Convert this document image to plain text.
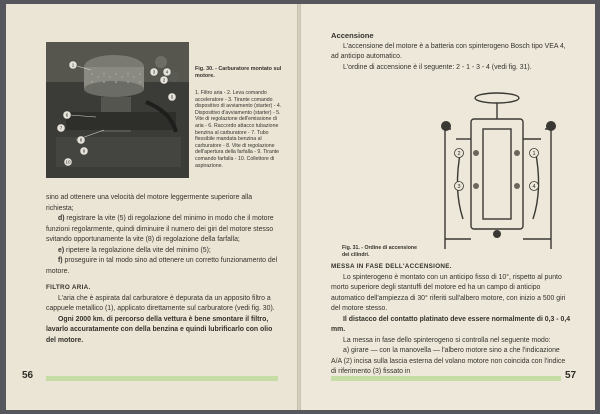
1
2
3 4
5
6
7
8
9
10
Fig. 30. - Carburatore montato sul motore.
1. Filtro aria - 2. Leva comando acceleratore - 3. Tirante comando dispositivo di avviamento (starter) - 4. Dispositivo d'avviamento (starter) - 5. Vite di regolazione dell'emissione di aria - 6. Raccordo attacco tubazione benzina al carburatore - 7. Tubo flessibile mandata benzina al carburatore - 8. Vite di regolazione dell'apertura della farfalla - 9. Tirante comando farfalla - 10. Collettore di aspirazione.

sino ad ottenere una velocità del motore leggermente superiore alla richiesta;

d) registrare la vite (5) di regolazione del minimo in modo che il motore funzioni regolarmente, quindi diminuire il numero dei giri del motore stesso svitando opportunamente la vite (8) di regolazione della farfalla;

e) ripetere la regolazione della vite del minimo (5);

f) proseguire in tal modo sino ad ottenere un corretto funzionamento del motore.

FILTRO ARIA.

L'aria che è aspirata dal carburatore è depurata da un apposito filtro a cappuele metallico (1), applicato direttamente sul carburatore (vedi fig. 30).

Ogni 2000 km. di percorso della vettura è bene smontare il filtro, lavarlo accuratamente con della benzina e quindi lubrificarlo con olio del motore.

56

Accensione

L'accensione del motore è a batteria con spinterogeno Bosch tipo VEA 4, ad anticipo automatico.

L'ordine di accensione è il seguente: 2 - 1 - 3 - 4 (vedi fig. 31).

2	1
3	4
Fig. 31. - Ordine di accensione dei cilindri.

MESSA IN FASE DELL'ACCENSIONE.

Lo spinterogeno è montato con un anticipo fisso di 10°, rispetto al punto morto superiore degli stantuffi del motore ed ha un campo di anticipo automatico dell'ampiezza di 30° riferiti sull'albero motore, con inizio a 500 giri del motore stesso.

Il distacco del contatto platinato deve essere normalmente di 0,3 - 0,4 mm.

La messa in fase dello spinterogeno si controlla nel seguente modo:

a) girare — con la manovella — l'albero motore sino a che l'indicazione A/A (2) incisa sulla lascia esterna del volano motore non coincida con l'indice di riferimento (3) fissato in	57
